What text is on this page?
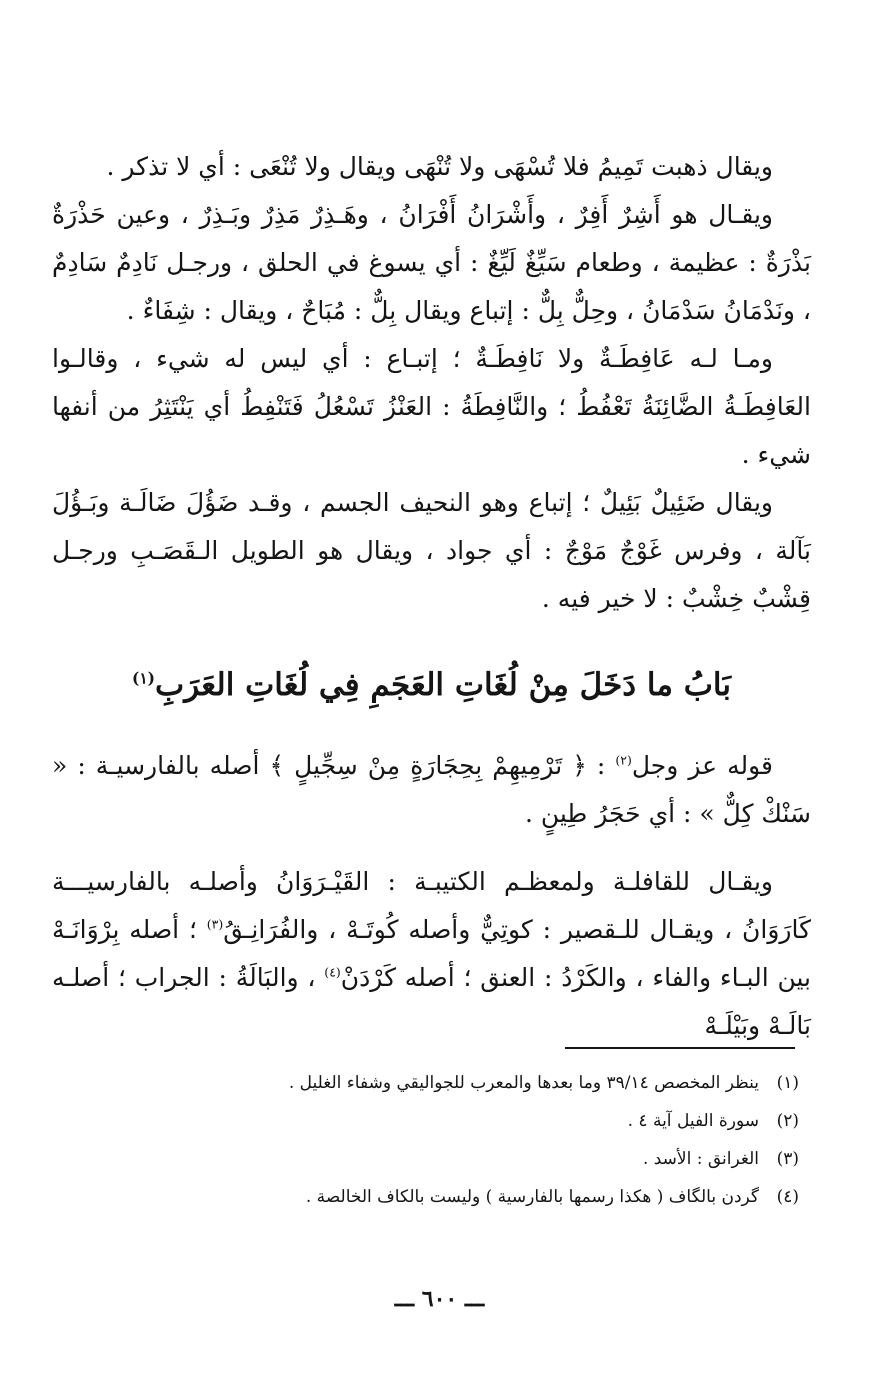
ويقال ذهبت تَمِيمُ فلا تُسْهَى ولا تُنْهَى ويقال ولا تُنْعَى : أي لا تذكر .

ويقـال هو أَشِرٌ أَفِرٌ ، وأَشْرَانُ أَفْرَانُ ، وهَـذِرٌ مَذِرٌ وبَـذِرٌ ، وعين حَذْرَةٌ بَذْرَةٌ : عظيمة ، وطعام سَيِّغٌ لَيِّغٌ : أي يسوغ في الحلق ، ورجـل نَادِمٌ سَادِمٌ ، ونَدْمَانُ سَدْمَانُ ، وحِلٌّ بِلٌّ : إتباع ويقال بِلٌّ : مُبَاحٌ ، ويقال : شِفَاءٌ .

ومـا لـه عَافِطَـةٌ ولا نَافِطَـةٌ ؛ إتبـاع : أي ليس له شيء ، وقالـوا العَافِطَـةُ الضَّائِنَةُ تَعْفُطُ ؛ والنَّافِطَةُ : العَنْزُ تَسْعُلُ فَتَنْفِطُ أي يَنْتَثِرُ من أنفها شيء .

ويقال ضَئِيلٌ بَئِيلٌ ؛ إتباع وهو النحيف الجسم ، وقـد ضَؤُلَ ضَالَـة وبَـؤُلَ بَآلة ، وفرس غَوْجٌ مَوْجٌ : أي جواد ، ويقال هو الطويل الـقَصَـبِ ورجـل قِشْبٌ خِشْبٌ : لا خير فيه .

بَابُ ما دَخَلَ مِنْ لُغَاتِ العَجَمِ فِي لُغَاتِ العَرَبِ$^{(١)}$

قوله عز وجل$^{(٢)}$ : ﴿ تَرْمِيهِمْ بِحِجَارَةٍ مِنْ سِجِّيلٍ ﴾ أصله بالفارسيـة : « سَنْكْ كِلٌّ » : أي حَجَرُ طِينٍ .

ويقـال للقافلـة ولمعظـم الكتيبـة : القَيْـرَوَانُ وأصلـه بالفارسيـــة كَارَوَانُ ، ويقـال للـقصير : كوتِيٌّ وأصله كُوتَـهْ ، والفُرَانِـقُ$^{(٣)}$ ؛ أصله بِرْوَانَـهْ بين البـاء والفاء ، والكَرْدُ : العنق ؛ أصله كَرْدَنْ$^{(٤)}$ ، والبَالَةُ : الجراب ؛ أصلـه بَالَـهْ وبَيْلَـهْ

(١)
ينظر المخصص ٣٩/١٤ وما بعدها والمعرب للجواليقي وشفاء الغليل .
(٢)
سورة الفيل آية ٤ .
(٣)
الغرانق : الأسد .
(٤)
گردن بالگاف ( هكذا رسمها بالفارسية ) وليست بالكاف الخالصة .
ـــ ٦٠٠ ـــ
